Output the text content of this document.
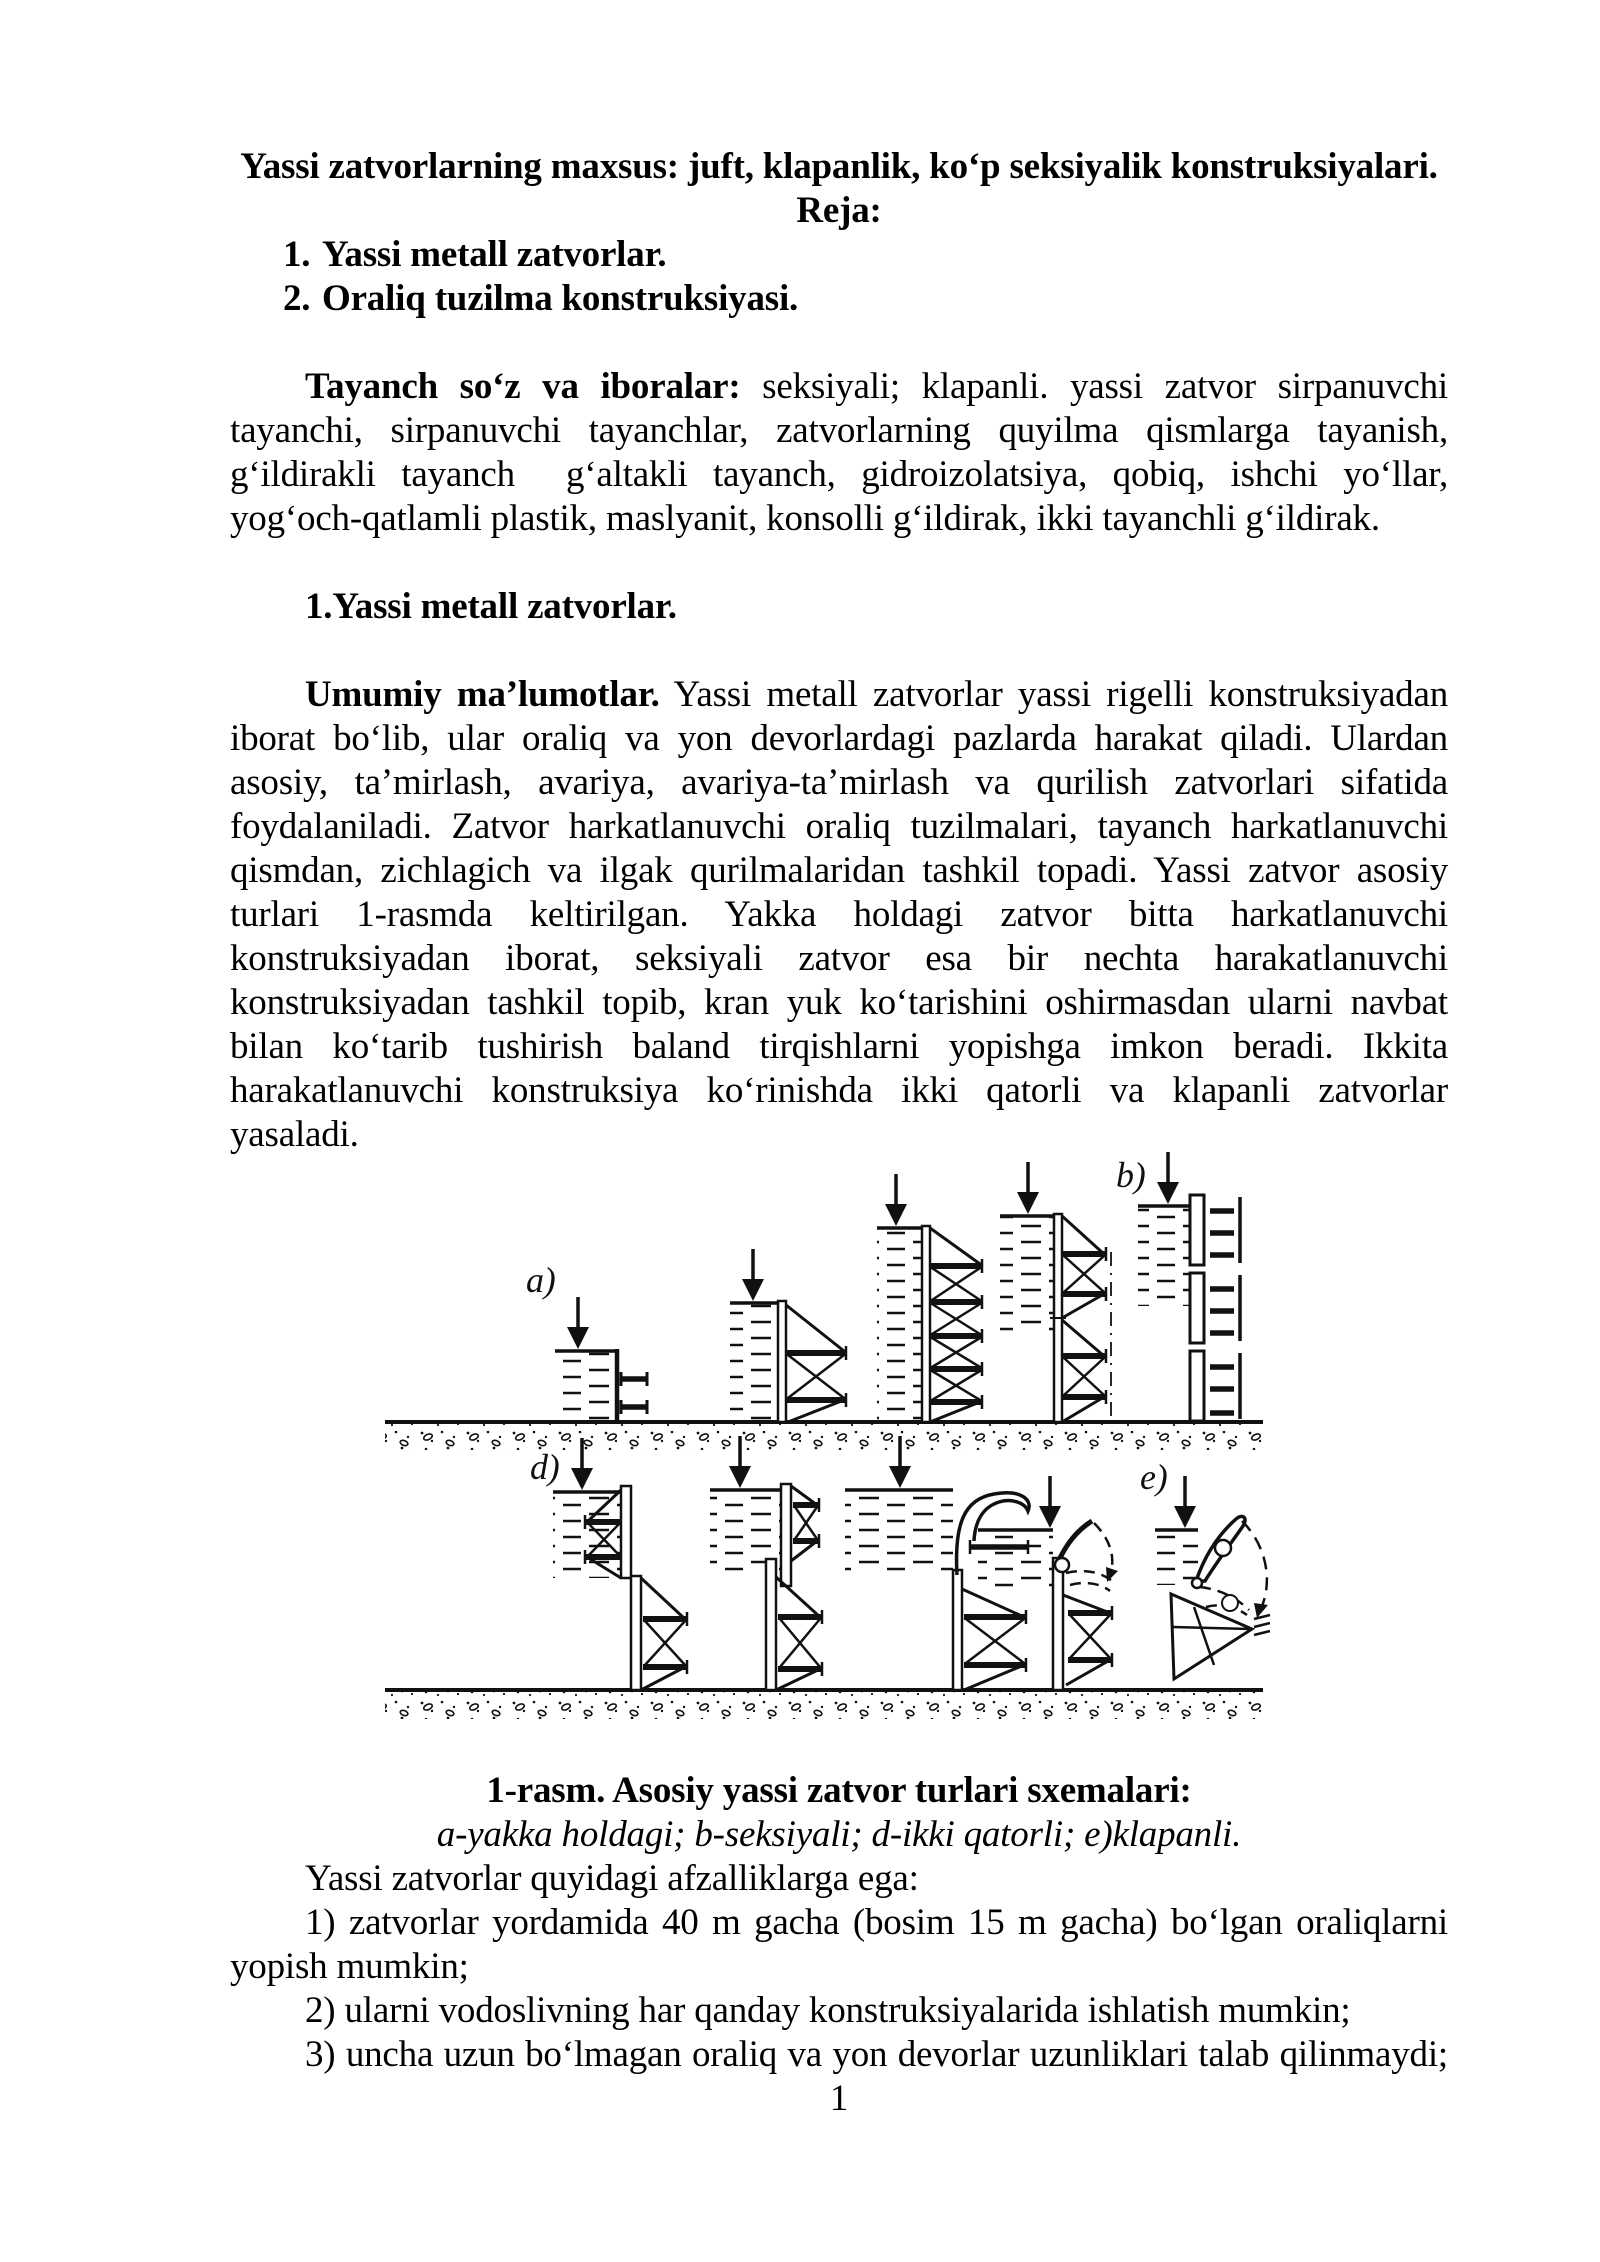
Yassi zatvorlarning maxsus: juft, klapanlik, ko‘p seksiyalik konstruksiyalari.
Reja:
1. Yassi metall zatvorlar.
2. Oraliq tuzilma konstruksiyasi.
Tayanch so‘z va iboralar: seksiyali; klapanli. yassi zatvor sirpanuvchi
tayanchi, sirpanuvchi tayanchlar, zatvorlarning quyilma qismlarga tayanish,
g‘ildirakli tayanch  g‘altakli tayanch, gidroizolatsiya, qobiq, ishchi yo‘llar,
yog‘och-qatlamli plastik, maslyanit, konsolli g‘ildirak, ikki tayanchli g‘ildirak.
1.Yassi metall zatvorlar.
Umumiy ma’lumotlar. Yassi metall zatvorlar yassi rigelli konstruksiyadan
iborat bo‘lib, ular oraliq va yon devorlardagi pazlarda harakat qiladi. Ulardan
asosiy, ta’mirlash, avariya, avariya-ta’mirlash va qurilish zatvorlari sifatida
foydalaniladi. Zatvor harkatlanuvchi oraliq tuzilmalari, tayanch harkatlanuvchi
qismdan, zichlagich va ilgak qurilmalaridan tashkil topadi. Yassi zatvor asosiy
turlari 1-rasmda keltirilgan. Yakka holdagi zatvor bitta harkatlanuvchi
konstruksiyadan iborat, seksiyali zatvor esa bir nechta harakatlanuvchi
konstruksiyadan tashkil topib, kran yuk ko‘tarishini oshirmasdan ularni navbat
bilan ko‘tarib tushirish baland tirqishlarni yopishga imkon beradi. Ikkita
harakatlanuvchi konstruksiya ko‘rinishda ikki qatorli va klapanli zatvorlar
yasaladi.
a)
b)
d)	e)
1-rasm. Asosiy yassi zatvor turlari sxemalari:
a-yakka holdagi; b-seksiyali; d-ikki qatorli; e)klapanli.
Yassi zatvorlar quyidagi afzalliklarga ega:
1) zatvorlar yordamida 40 m gacha (bosim 15 m gacha) bo‘lgan oraliqlarni
yopish mumkin;
2) ularni vodoslivning har qanday konstruksiyalarida ishlatish mumkin;
3) uncha uzun bo‘lmagan oraliq va yon devorlar uzunliklari talab qilinmaydi;
1
